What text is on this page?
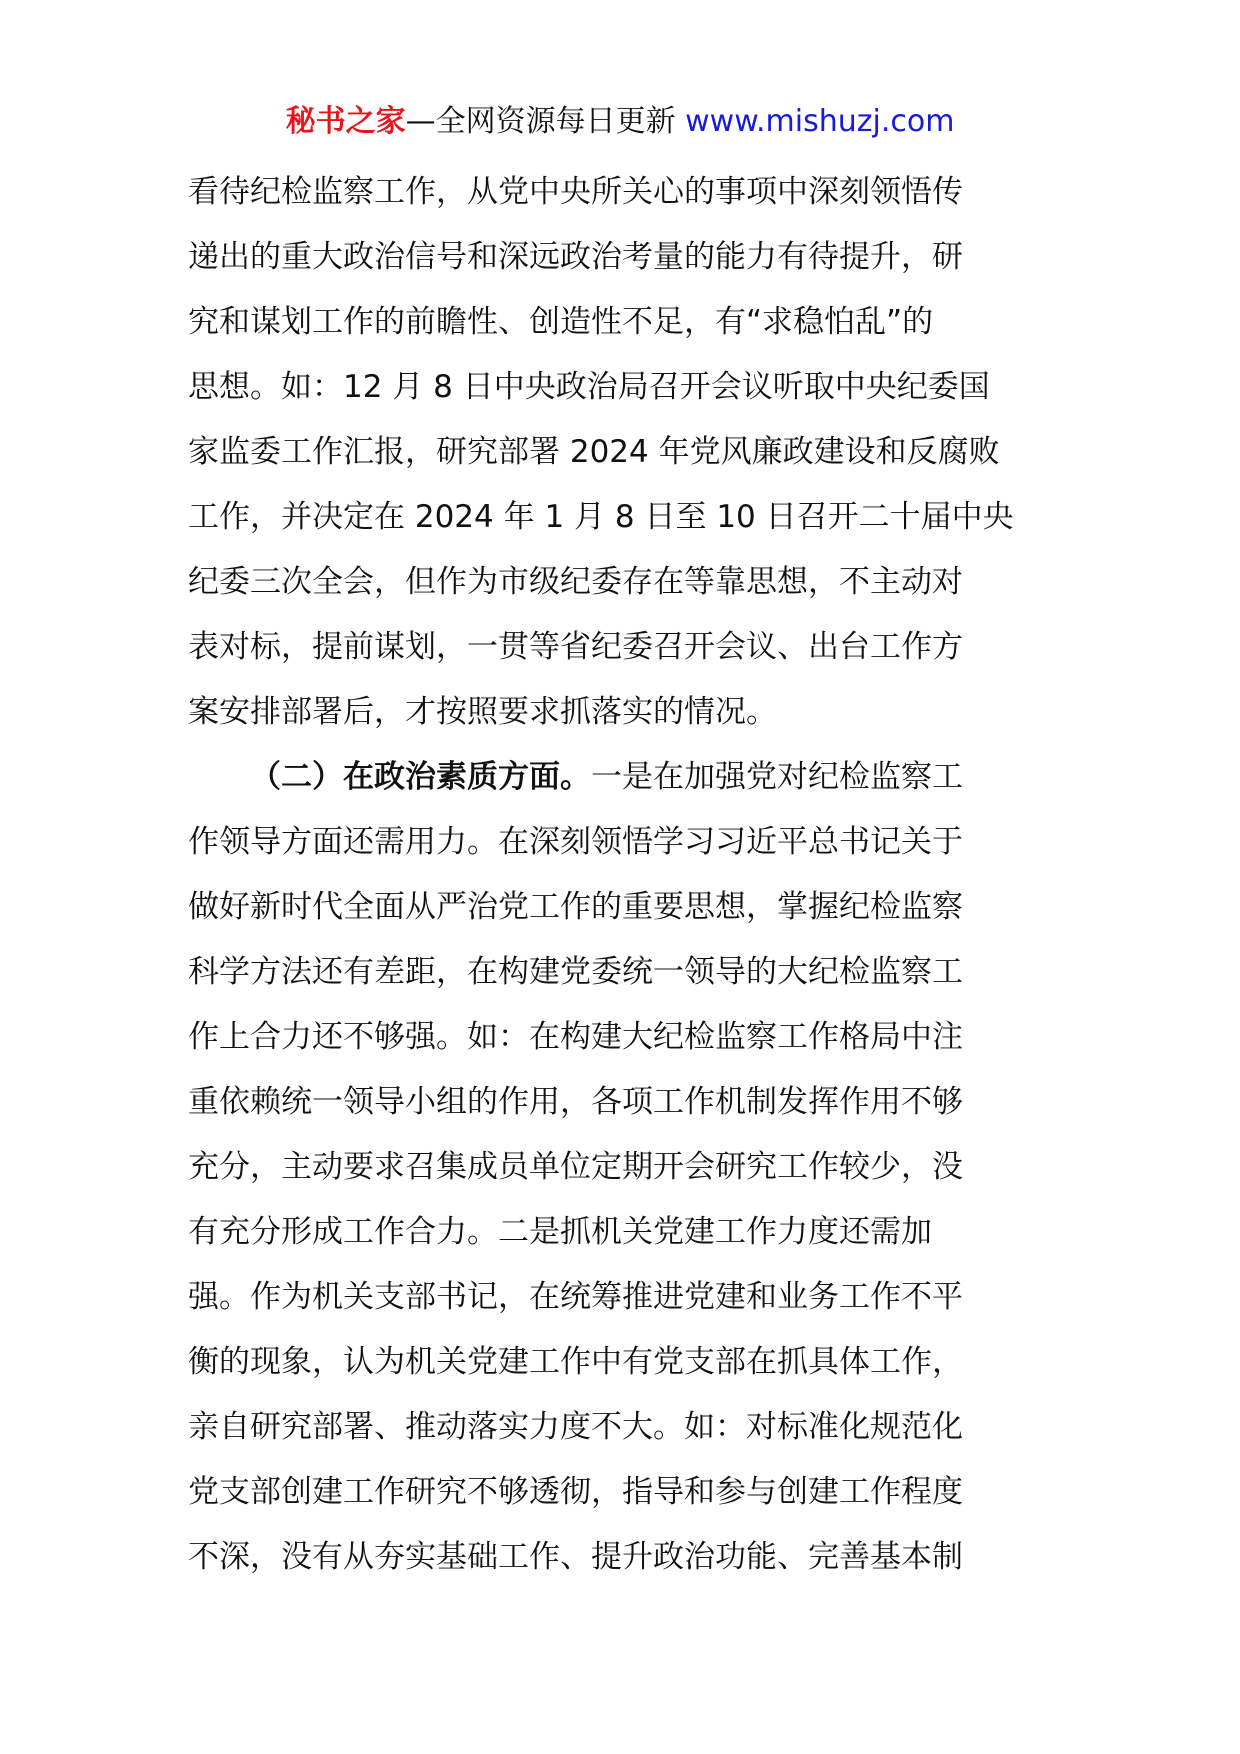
秘书之家—全网资源每日更新 www.mishuzj.com
看待纪检监察工作，从党中央所关心的事项中深刻领悟传
递出的重大政治信号和深远政治考量的能力有待提升，研
究和谋划工作的前瞻性、创造性不足，有“求稳怕乱”的
思想。如：12 月 8 日中央政治局召开会议听取中央纪委国
家监委工作汇报，研究部署 2024 年党风廉政建设和反腐败
工作，并决定在 2024 年 1 月 8 日至 10 日召开二十届中央
纪委三次全会，但作为市级纪委存在等靠思想，不主动对
表对标，提前谋划，一贯等省纪委召开会议、出台工作方
案安排部署后，才按照要求抓落实的情况。
（二）在政治素质方面。一是在加强党对纪检监察工
作领导方面还需用力。在深刻领悟学习习近平总书记关于
做好新时代全面从严治党工作的重要思想，掌握纪检监察
科学方法还有差距，在构建党委统一领导的大纪检监察工
作上合力还不够强。如：在构建大纪检监察工作格局中注
重依赖统一领导小组的作用，各项工作机制发挥作用不够
充分，主动要求召集成员单位定期开会研究工作较少，没
有充分形成工作合力。二是抓机关党建工作力度还需加
强。作为机关支部书记，在统筹推进党建和业务工作不平
衡的现象，认为机关党建工作中有党支部在抓具体工作，
亲自研究部署、推动落实力度不大。如：对标准化规范化
党支部创建工作研究不够透彻，指导和参与创建工作程度
不深，没有从夯实基础工作、提升政治功能、完善基本制
